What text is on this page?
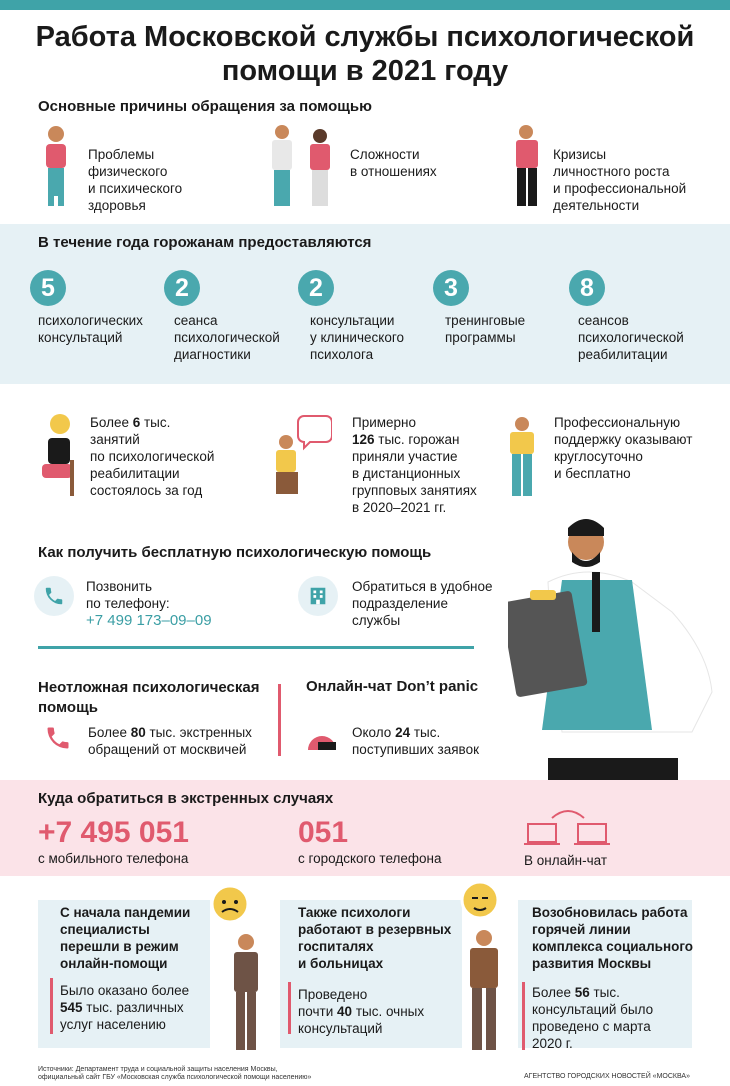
Работа Московской службы психологической
помощи в 2021 году
Основные причины обращения за помощью
Проблемы
физического
и психического
здоровья
Сложности
в отношениях
Кризисы
личностного роста
и профессиональной
деятельности
В течение года горожанам предоставляются
5
психологических
консультаций
2
сеанса
психологической
диагностики
2
консультации
у клинического
психолога
3
тренинговые
программы
8
сеансов
психологической
реабилитации
Более 6 тыс.
занятий
по психологической
реабилитации
состоялось за год
Примерно
126 тыс. горожан
приняли участие
в дистанционных
групповых занятиях
в 2020–2021 гг.
Профессиональную
поддержку оказывают
круглосуточно
и бесплатно
Как получить бесплатную психологическую помощь
Позвонить
по телефону:
+7 499 173–09–09
Обратиться в удобное
подразделение
службы
Неотложная психологическая
помощь
Более 80 тыс. экстренных
обращений от москвичей
Онлайн-чат Don’t panic
Около 24 тыс.
поступивших заявок
Куда обратиться в экстренных случаях
+7 495 051
с мобильного телефона
051
с городского телефона	В онлайн-чат
С начала пандемии
специалисты
перешли в режим
онлайн-помощи
Было оказано более
545 тыс. различных
услуг населению
Также психологи
работают в резервных
госпиталях
и больницах
Проведено
почти 40 тыс. очных
консультаций
Возобновилась работа
горячей линии
комплекса социального
развития Москвы
Более 56 тыс.
консультаций было
проведено с марта
2020 г.
Источники: Департамент труда и социальной защиты населения Москвы,
официальный сайт ГБУ «Московская служба психологической помощи населению»	АГЕНТСТВО ГОРОДСКИХ НОВОСТЕЙ «МОСКВА»
